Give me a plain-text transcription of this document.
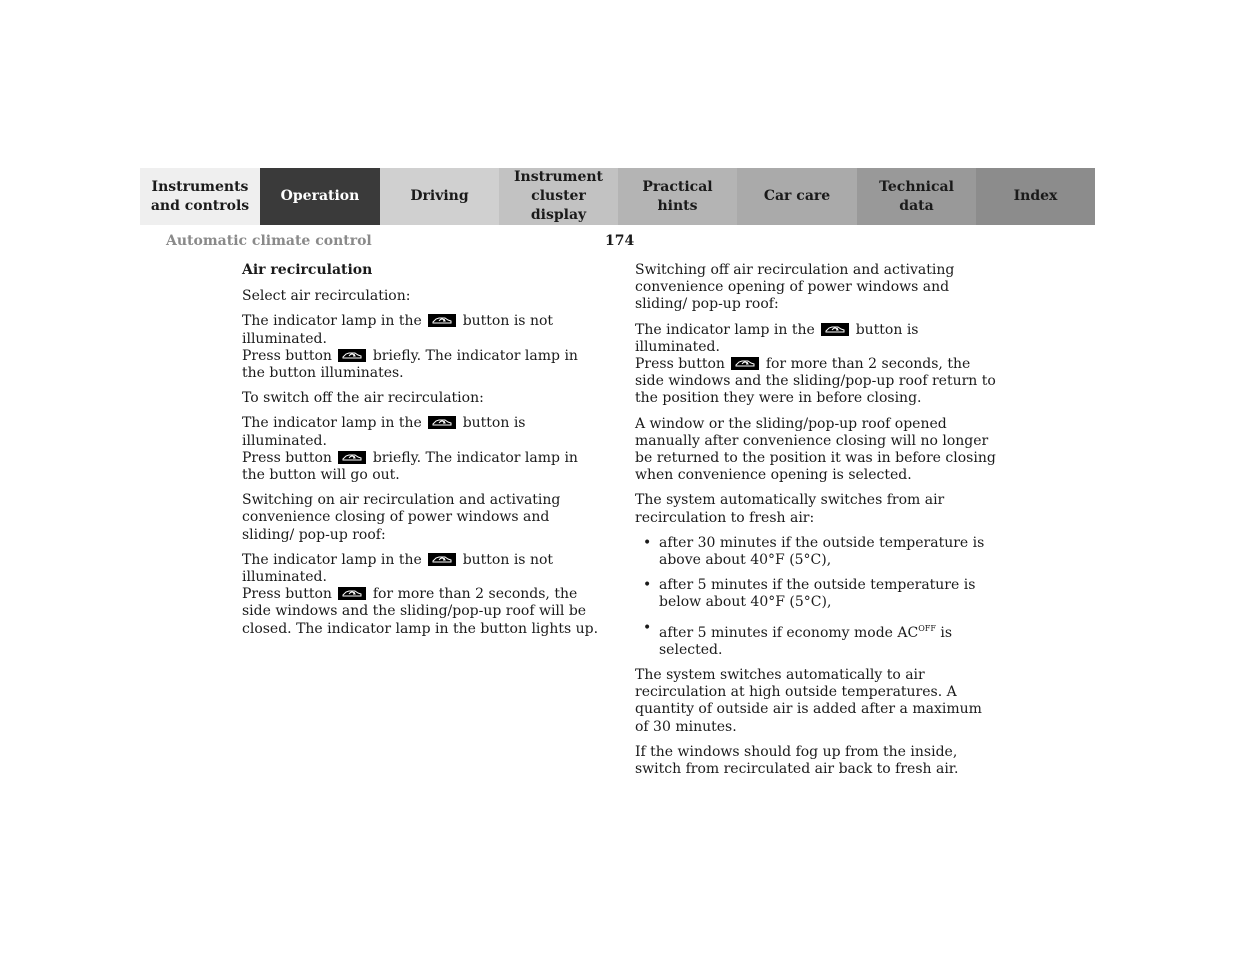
Instruments
and controls
Operation	Driving
Instrument
cluster display
Practical hints
Car care
Technical
data
Index
Automatic climate control	174
Air recirculation

Select air recirculation:

The indicator lamp in the	button is not illuminated.
Press button	briefly. The indicator lamp in the button illuminates.

To switch off the air recirculation:

The indicator lamp in the	button is illuminated.
Press button	briefly. The indicator lamp in the button will go out.

Switching on air recirculation and activating convenience closing of power windows and sliding/ pop-up roof:

The indicator lamp in the	button is not illuminated.
Press button	for more than 2 seconds, the side windows and the sliding/pop-up roof will be closed. The indicator lamp in the button lights up.

Switching off air recirculation and activating convenience opening of power windows and sliding/ pop-up roof:

The indicator lamp in the	button is illuminated.
Press button	for more than 2 seconds, the side windows and the sliding/pop-up roof return to the position they were in before closing.

A window or the sliding/pop-up roof opened manually after convenience closing will no longer be returned to the position it was in before closing when convenience opening is selected.

The system automatically switches from air recirculation to fresh air:

• after 30 minutes if the outside temperature is above about 40°F (5°C),
• after 5 minutes if the outside temperature is below about 40°F (5°C),
• after 5 minutes if economy mode $AC^{OFF}$ is selected.

The system switches automatically to air recirculation at high outside temperatures. A quantity of outside air is added after a maximum of 30 minutes.

If the windows should fog up from the inside, switch from recirculated air back to fresh air.
